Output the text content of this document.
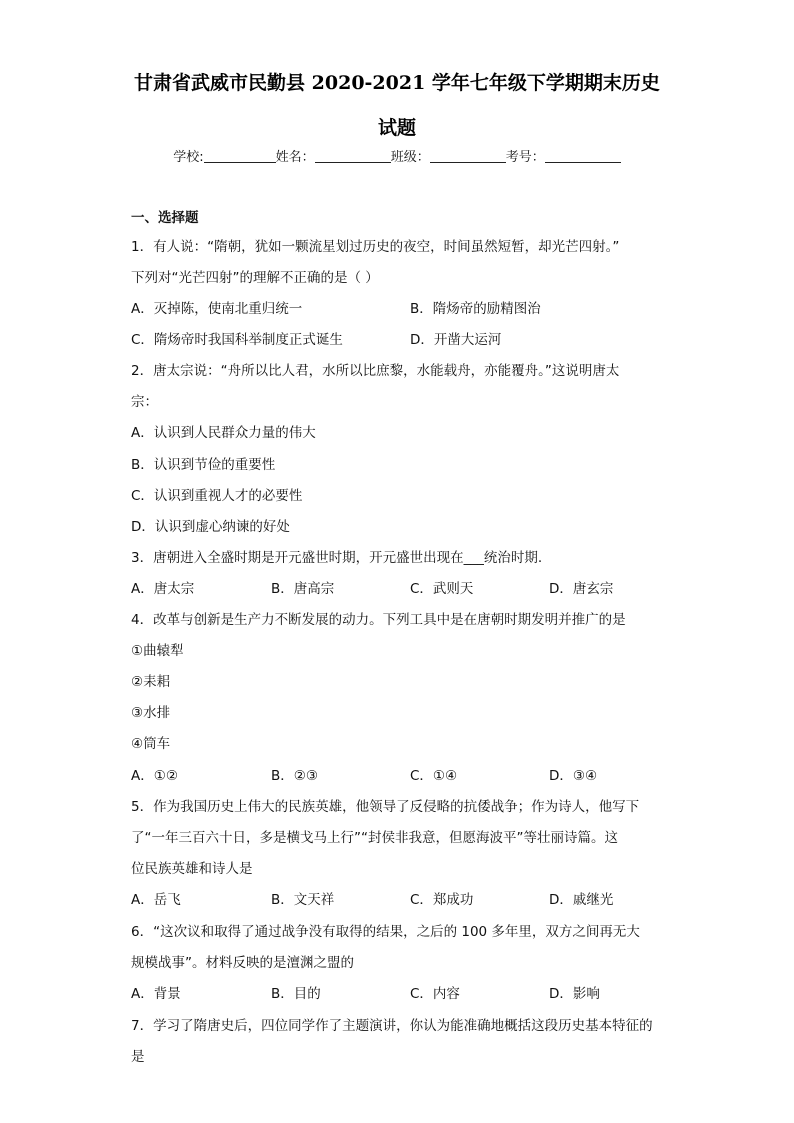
甘肃省武威市民勤县 2020-2021 学年七年级下学期期末历史
试题
学校:	姓名：	班级：	考号：
一、选择题
1．有人说：“隋朝，犹如一颗流星划过历史的夜空，时间虽然短暂，却光芒四射。”
下列对“光芒四射”的理解不正确的是（ ）
A．灭掉陈，使南北重归统一	B．隋炀帝的励精图治
C．隋炀帝时我国科举制度正式诞生	D．开凿大运河
2．唐太宗说：“舟所以比人君，水所以比庶黎，水能载舟，亦能覆舟。”这说明唐太
宗：
A．认识到人民群众力量的伟大
B．认识到节俭的重要性
C．认识到重视人才的必要性
D．认识到虚心纳谏的好处
3．唐朝进入全盛时期是开元盛世时期，开元盛世出现在___统治时期.
A．唐太宗	B．唐高宗	C．武则天	D．唐玄宗
4．改革与创新是生产力不断发展的动力。下列工具中是在唐朝时期发明并推广的是
①曲辕犁
②耒耜
③水排
④筒车
A．①②	B．②③	C．①④	D．③④
5．作为我国历史上伟大的民族英雄，他领导了反侵略的抗倭战争；作为诗人，他写下
了“一年三百六十日，多是横戈马上行”“封侯非我意，但愿海波平”等壮丽诗篇。这
位民族英雄和诗人是
A．岳飞	B．文天祥	C．郑成功	D．戚继光
6．“这次议和取得了通过战争没有取得的结果，之后的 100 多年里，双方之间再无大
规模战事”。材料反映的是澶渊之盟的
A．背景	B．目的	C．内容	D．影响
7．学习了隋唐史后，四位同学作了主题演讲，你认为能准确地概括这段历史基本特征的
是
